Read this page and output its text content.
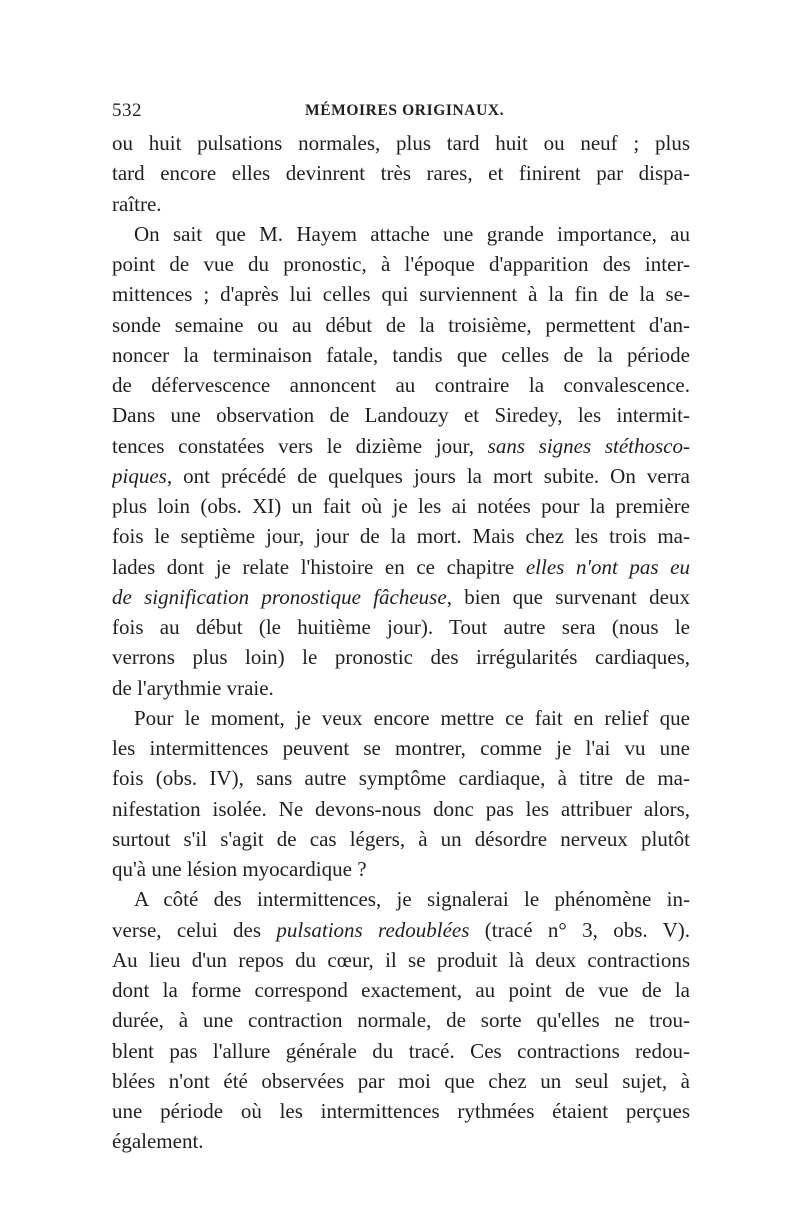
532	MÉMOIRES ORIGINAUX.
ou huit pulsations normales, plus tard huit ou neuf ; plus
tard encore elles devinrent très rares, et finirent par dispa-
raître.
On sait que M. Hayem attache une grande importance, au
point de vue du pronostic, à l'époque d'apparition des inter-
mittences ; d'après lui celles qui surviennent à la fin de la se-
sonde semaine ou au début de la troisième, permettent d'an-
noncer la terminaison fatale, tandis que celles de la période
de défervescence annoncent au contraire la convalescence.
Dans une observation de Landouzy et Siredey, les intermit-
tences constatées vers le dizième jour, sans signes stéthosco-
piques, ont précédé de quelques jours la mort subite. On verra
plus loin (obs. XI) un fait où je les ai notées pour la première
fois le septième jour, jour de la mort. Mais chez les trois ma-
lades dont je relate l'histoire en ce chapitre elles n'ont pas eu
de signification pronostique fâcheuse, bien que survenant deux
fois au début (le huitième jour). Tout autre sera (nous le
verrons plus loin) le pronostic des irrégularités cardiaques,
de l'arythmie vraie.
Pour le moment, je veux encore mettre ce fait en relief que
les intermittences peuvent se montrer, comme je l'ai vu une
fois (obs. IV), sans autre symptôme cardiaque, à titre de ma-
nifestation isolée. Ne devons-nous donc pas les attribuer alors,
surtout s'il s'agit de cas légers, à un désordre nerveux plutôt
qu'à une lésion myocardique ?
A côté des intermittences, je signalerai le phénomène in-
verse, celui des pulsations redoublées (tracé n° 3, obs. V).
Au lieu d'un repos du cœur, il se produit là deux contractions
dont la forme correspond exactement, au point de vue de la
durée, à une contraction normale, de sorte qu'elles ne trou-
blent pas l'allure générale du tracé. Ces contractions redou-
blées n'ont été observées par moi que chez un seul sujet, à
une période où les intermittences rythmées étaient perçues
également.
